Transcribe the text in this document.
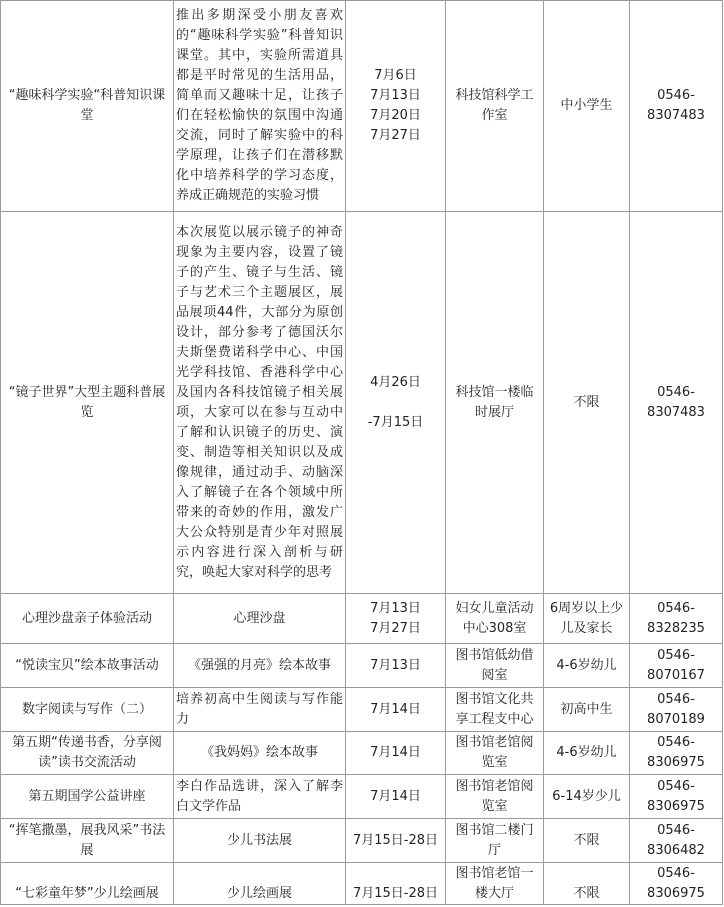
“趣味科学实验“科普知识课堂	推出多期深受小朋友喜欢的“趣味科学实验”科普知识课堂。其中，实验所需道具都是平时常见的生活用品，简单而又趣味十足，让孩子们在轻松愉快的氛围中沟通交流，同时了解实验中的科学原理，让孩子们在潜移默化中培养科学的学习态度，养成正确规范的实验习惯	7月6日
7月13日
7月20日
7月27日	科技馆科学工作室	中小学生	0546-
8307483

“镜子世界”大型主题科普展览	本次展览以展示镜子的神奇现象为主要内容，设置了镜子的产生、镜子与生活、镜子与艺术三个主题展区，展品展项44件，大部分为原创设计，部分参考了德国沃尔夫斯堡费诺科学中心、中国光学科技馆、香港科学中心及国内各科技馆镜子相关展项，大家可以在参与互动中了解和认识镜子的历史、演变、制造等相关知识以及成像规律，通过动手、动脑深入了解镜子在各个领域中所带来的奇妙的作用，激发广大公众特别是青少年对照展示内容进行深入剖析与研究，唤起大家对科学的思考	4月26日
-7月15日	科技馆一楼临时展厅	不限	0546-
8307483

心理沙盘亲子体验活动	心理沙盘	7月13日
7月27日	妇女儿童活动中心308室	6周岁以上少儿及家长	0546-
8328235

“悦读宝贝”绘本故事活动	《强强的月亮》绘本故事	7月13日	图书馆低幼借阅室	4-6岁幼儿	0546-
8070167

数字阅读与写作（二）	培养初高中生阅读与写作能力	7月14日	图书馆文化共享工程支中心	初高中生	0546-
8070189

第五期“传递书香，分享阅读”读书交流活动	《我妈妈》绘本故事	7月14日	图书馆老馆阅览室	4-6岁幼儿	0546-
8306975

第五期国学公益讲座	李白作品选讲，深入了解李白文学作品	7月14日	图书馆老馆阅览室	6-14岁少儿	0546-
8306975

“挥笔撒墨，展我风采”书法展	少儿书法展	7月15日-28日	图书馆二楼门厅	不限	0546-
8306482

“七彩童年梦”少儿绘画展	少儿绘画展	7月15日-28日	图书馆老馆一楼大厅	不限	0546-
8306975
